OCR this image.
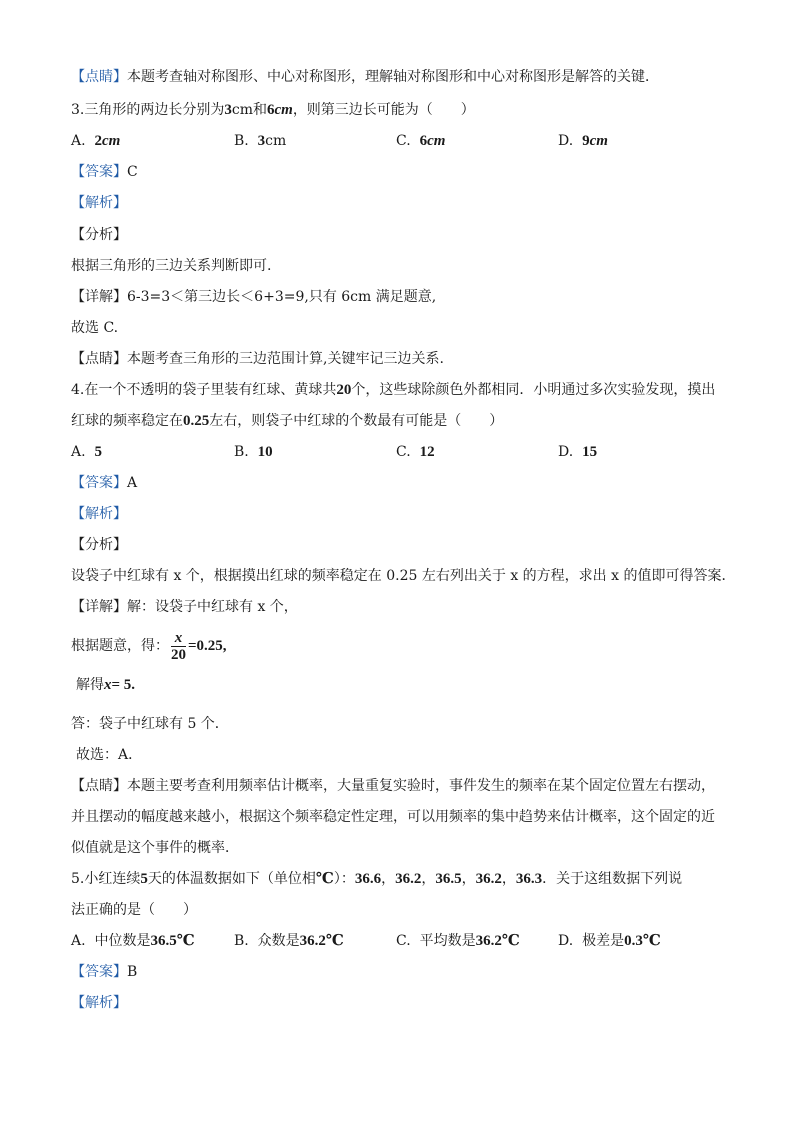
【点睛】本题考查轴对称图形、中心对称图形，理解轴对称图形和中心对称图形是解答的关键．
3.三角形的两边长分别为3cm和6cm，则第三边长可能为（　　）
A. 2cm	B. 3cm	C. 6cm	D. 9cm
【答案】C
【解析】
【分析】
根据三角形的三边关系判断即可.
【详解】6-3=3＜第三边长＜6+3=9,只有 6cm 满足题意,
故选 C.
【点睛】本题考查三角形的三边范围计算,关键牢记三边关系.
4.在一个不透明的袋子里装有红球、黄球共20个，这些球除颜色外都相同．小明通过多次实验发现，摸出
红球的频率稳定在0.25左右，则袋子中红球的个数最有可能是（　　）
A. 5	B. 10	C. 12	D. 15
【答案】A
【解析】
【分析】
设袋子中红球有 x 个，根据摸出红球的频率稳定在 0.25 左右列出关于 x 的方程，求出 x 的值即可得答案．
【详解】解：设袋子中红球有 x 个，
根据题意，得： $\frac{x}{20} =0.25$,
解得x= 5.
答：袋子中红球有 5 个．
故选：A．
【点睛】本题主要考查利用频率估计概率，大量重复实验时，事件发生的频率在某个固定位置左右摆动，
并且摆动的幅度越来越小，根据这个频率稳定性定理，可以用频率的集中趋势来估计概率，这个固定的近
似值就是这个事件的概率．
5.小红连续5天的体温数据如下（单位相℃）：36.6，36.2，36.5，36.2，36.3．关于这组数据下列说
法正确的是（　　）
A. 中位数是36.5℃	B. 众数是36.2℃	C. 平均数是36.2℃	D. 极差是0.3℃
【答案】B
【解析】
